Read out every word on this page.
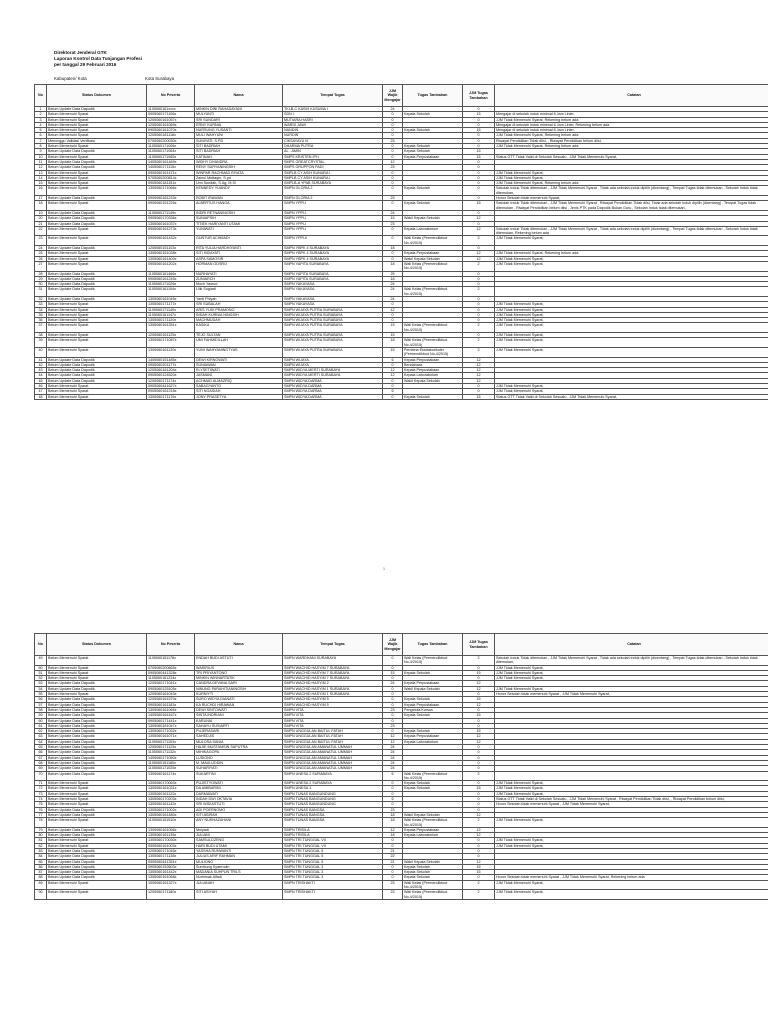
Direktorat Jenderal GTK
Laporan Kontrol Data Tunjangan Profesi
per tanggal 29 Februari 2016
Kabupaten/ Kota	Kota Surabaya
No	Status Dokumen	No Peserta	Nama	Tempat Tugas	JJM Wajib Mengajar	Tugas Tambahan	JJM Tugas Tambahan	Catatan
1	Belum Update Data Dapodik	1105060161xxxx	MINKIN DINI RAHADAYANI	TKLB-C KASIH KUSUMA I	24		0	
2	Belum Memenuhi Syarat	0905060171106x	MULYANTI	SDN I	0	Kepala Sekolah	15	Mengajar di sekolah induk minimal 6 Jam Linier,
3	Belum Memenuhi Syarat	1205060161057x	SRI SUNDARI	MUTIARA HASRI	0		0	JJM Tidak Memenuhi Syarat, Rekening belum ada
4	Belum Memenuhi Syarat	1205060161069x	ERNY KURNIA	WARDI JAWI	0		0	Mengajar di sekolah induk minimal 6 Jam Linier, Rekening belum ada
5	Belum Memenuhi Syarat	0905060161070x	NURSUNG YUSANTI	NANDIN	0	Kepala Sekolah	15	Mengajar di sekolah induk minimal 6 Jam Linier,
6	Belum Memenuhi Syarat	1205060181118x	MULI WAHYUNI	NURDIN	0		0	JJM Tidak Memenuhi Syarat, Rekening belum ada
7	Menunggu Validasi Verifikasi	0705060200030x	SUNIYATI, S.PD	CIKSAYAYU III	23		0	Riwayat Pendidikan Tidak diisi, , Riwayat Pendidikan belum diisi,
8	Belum Memenuhi Syarat	1105060171006x	SITI BADRIAH	DHARMA PUTRA	0	Kepala Sekolah	0	JJM Tidak Memenuhi Syarat, Rekening belum ada
9	Belum Update Data Dapodik	1105060171064x	SITI BADRIAH	AL - AMIN	0	Kepala Sekolah	15	
10	Belum Memenuhi Syarat	1105060171065x	KATINAH	SMPS KRISTEN IPH	0	Kepala Perpustakaan	15	Status GTT Tidak Valid di Sekolah Sesuatu , JJM Tidak Memenuhi Syarat,
11	Belum Update Data Dapodik	1405060161469x	WIDHY DHANDRA	SMPS GREATCRYSTAL	12		0	
12	Belum Update Data Dapodik	1405060171115x	RENY SURYANINGSIH	SMPS GRUPPON PADI	23		0	
13	Belum Memenuhi Syarat	0905060161471x	WINPAR RACHMAD RIYATA	SMPLB CY ASIH KUNARA I	0		0	JJM Tidak Memenuhi Syarat,
14	Belum Memenuhi Syarat	0705060200814x	Zainul Muttaqin, S.pd	SMPLB CY ASIH KUNARA I	0		0	JJM Tidak Memenuhi Syarat,
15	Belum Memenuhi Syarat	0905060181151x	Umi Sundah, S.Ag, M.Si	SMPLB-A YPAB SURABAYA	0		0	JJM Tidak Memenuhi Syarat, Rekening belum ada
16	Belum Memenuhi Syarat	1305060171066x	KENNEDY YUANDY	SMPN GLORIA 2	0	Kepala Sekolah	0	Sekolah Induk Tidak ditemukan , JJM Tidak Memenuhi Syarat , Tidak ada sekolah induk dipilih (dicentang) , Tempat Tugas tidak ditemukan , Sekolah Induk tidak ditemukan,
17	Belum Update Data Dapodik	0905060181233x	ROBIT IRAWAN	SMPN GLORIA 2	23		0	Honor Sekolah tidak memenuhi Syarat,
18	Belum Memenuhi Syarat	0905060151226x	ALBERTUS HANGA	SMPN YPPI-I	0	Kepala Sekolah	15	Sekolah Induk Tidak ditemukan , JJM Tidak Memenuhi Syarat , Riwayat Pendidikan Tidak diisi, Tidak ada sekolah induk dipilih (dicentang) , Tempat Tugas tidak ditemukan , Riwayat Pendidikan belum diisi , Jenis PTK pada Dapodik Bukan Guru , Sekolah Induk tidak ditemukan,
19	Belum Update Data Dapodik	1105060171149x	INDRI RETNANINGSIH	SMPN YPPI-I	24		0	
20	Belum Update Data Dapodik	0905060170336x	SUNIAPSIH	SMPN YPPI-I	15	Wakil Kepala Sekolah	12	
21	Belum Update Data Dapodik	1305060161037x	TITIEK HARIYANTI UTAMI	SMPN YPPI-I	23		0	
22	Belum Memenuhi Syarat	0905060161273x	YUNIWATI	SMPN YPPI-I	0	Kepala Laboratorium	12	Sekolah Induk Tidak ditemukan , JJM Tidak Memenuhi Syarat , Tidak ada sekolah induk dipilih (dicentang) , Tempat Tugas tidak ditemukan , Sekolah Induk tidak ditemukan, Rekening belum ada
23	Belum Memenuhi Syarat	0905060161432x	GUNTUR ACHMADI	SMPN YPPI-II	0	Wali Kelas (Permendikbud No.4/2015)	2	JJM Tidak Memenuhi Syarat,
24	Belum Update Data Dapodik	1205060151103x	RITA YULIA HARDHIYANTI	SMPN YBPK 4 SURABAYA	18		0	
25	Belum Memenuhi Syarat	1305060151038x	SITI HIDAYATI	SMPN YBPK 4 SURABAYA	0	Kepala Perpustakaan	12	JJM Tidak Memenuhi Syarat, Rekening belum ada
26	Belum Memenuhi Syarat	1305060161400x	ASPA SAMOSIR	SMPN YBPK 4 SURABAYA	0	Wakil Kepala Sekolah	12	JJM Tidak Memenuhi Syarat,
27	Belum Memenuhi Syarat	0905060161202x	HORMAN ODSRO	SMPN YAPITA SURABAYA	18	Wali Kelas (Permendikbud No.4/2015)	2	JJM Tidak Memenuhi Syarat,
28	Belum Update Data Dapodik	1105060161466x	NURHAYATI	SMPN YAPITA SURABAYA	25		0	
29	Belum Update Data Dapodik	0905060161245x	ZUNIARCH	SMPN YAPITA SURABAYA	18		0	
30	Belum Update Data Dapodik	1105060171026x	Moch Yasrud	SMPN YAKAYASA	24		0	
31	Belum Update Data Dapodik	1105060161104x	Lilik Sugiarti	SMPN YAKAYASA	24	Wali Kelas (Permendikbud No.4/2015)	2	
32	Belum Update Data Dapodik	1305060161045x	Yanti Phiyah	SMPN YAKAYASA	24		0	
33	Belum Memenuhi Syarat	1305060171177x	SRI SUBALAH	SMPN YAKAYASA	0		0	JJM Tidak Memenuhi Syarat,
34	Belum Memenuhi Syarat	1105060171140x	ARIS YUDI PRAMONO	SMPN WIJAYA PUTRA SURABAYA	12		0	JJM Tidak Memenuhi Syarat,
35	Belum Memenuhi Syarat	1105060161147x	INDAH KURNIA NINGSIH	SMPN WIJAYA PUTRA SURABAYA	0		0	JJM Tidak Memenuhi Syarat,
36	Belum Memenuhi Syarat	1305060171120x	MACHMUDAH	SMPN WIJAYA PUTRA SURABAYA	0		0	JJM Tidak Memenuhi Syarat,
37	Belum Memenuhi Syarat	1305060161351x	KASIKA	SMPN WIJAYA PUTRA SURABAYA	15	Wali Kelas (Permendikbud No.4/2015)	2	JJM Tidak Memenuhi Syarat,
38	Belum Memenuhi Syarat	1205060161125x	TEJO SULTAN	SMPN WIJAYA PUTRA SURABAYA	15		0	JJM Tidak Memenuhi Syarat,
39	Belum Memenuhi Syarat	1305060171087x	UMI FAHMIDILLAH	SMPN WIJAYA PUTRA SURABAYA	18	Wali Kelas (Permendikbud No.4/2015)	2	JJM Tidak Memenuhi Syarat,
40	Belum Memenuhi Syarat	1305060161130x	YUNI WAHYANINGTYAS	SMPN WIJAYA PUTRA SURABAYA	15	Pembina Ekstrakurikuler (Permendikbud No.4/2015)	2	JJM Tidak Memenuhi Syarat,
41	Belum Update Data Dapodik	1405060151485x	DEWI KIRNOWATI	SMPN WIJAYA	6	Kepala Perpustakaan	12	
42	Belum Update Data Dapodik	0905060201177x	SUNIAWAN	SMPN WIJAYA	0	Bendahara	12	
43	Belum Update Data Dapodik	1205060161204x	ELYSETIWATI	SMPN WIDYA MERTI SURABAYA	12	Kepala Perpustakaan	12	
44	Belum Update Data Dapodik	0905060124520x	JASMANI	SMPN WIDYA MERTI SURABAYA	12	Kepala Laboratorium	12	
45	Belum Update Data Dapodik	1205060171174x	ACHMAD ALMAZRIQ	SMPN WIDYA DARMA	0	Wakil Kepala Sekolah	12	
46	Belum Memenuhi Syarat	0905060441627x	SABAGYANTO	SMPN WIDYA DARMA	0		0	JJM Tidak Memenuhi Syarat,
47	Belum Memenuhi Syarat	0905060161218x	SITI NGASIAH	SMPN WIDYA DARMA	6		0	JJM Tidak Memenuhi Syarat,
48	Belum Memenuhi Syarat	1305060171176x	JONY PRASETYA	SMPN WIDYA DARMA	0	Kepala Sekolah	15	Status GTT Tidak Valid di Sekolah Sesuatu , JJM Tidak Memenuhi Syarat,
1
No	Status Dokumen	No Peserta	Nama	Tempat Tugas	JJM Wajib Mengajar	Tugas Tambahan	JJM Tugas Tambahan	Catatan
49	Belum Memenuhi Syarat	1105060151178x	ENDAH BUDI ASTUTI	SMPN WARDHANI SURABAYA	0	Wali Kelas (Permendikbud No.4/2015)	2	Sekolah Induk Tidak ditemukan , JJM Tidak Memenuhi Syarat , Tidak ada sekolah induk dipilih (dicentang) , Tempat Tugas tidak ditemukan , Sekolah Induk tidak ditemukan,
50	Belum Memenuhi Syarat	0705060200665x	WASIRIUS	SMPN WACHID HASYIM 7 SURABAYA	0		0	JJM Tidak Memenuhi Syarat,
51	Belum Memenuhi Syarat	0905060441328x	TRI PRIYANTONO	SMPN WACHID HASYIM 7 SURABAYA	15	Kepala Sekolah	15	JJM Tidak Memenuhi Syarat,
52	Belum Memenuhi Syarat	1105060161234x	MINKIN WINNARTATIK	SMPN WACHID HASYIM 7 SURABAYA	0		0	JJM Tidak Memenuhi Syarat,
53	Belum Update Data Dapodik	1205060171041x	CANDRA DEVANA SARI	SMPN WACHID HASYIM 2	24	Kepala Perpustakaan	12	
54	Belum Update Data Dapodik	0905060125105x	NINUNG PARAHITIANINGSIH	SMPN WACHID HASYIM 1 SURABAYA	0	Wakil Kepala Sekolah	12	JJM Tidak Memenuhi Syarat,
55	Belum Memenuhi Syarat	1205060161043x	KURNIYTI	SMPN WACHID HASYIM 1 SURABAYA	0		0	Honor Sekolah tidak memenuhi Syarat , JJM Tidak Memenuhi Syarat,
56	Belum Update Data Dapodik	1205060161570x	SURO WIDYA DIANATI	SMPN WACHID HASYIM 5	0	Kepala Sekolah	15	
57	Belum Update Data Dapodik	0905060161183x	KA RUCHDI HIRAWAN	SMPN WACHID HASYIM 5	0	Kepala Perpustakaan	12	
58	Belum Update Data Dapodik	1305060161065x	DEWI SINTOWATI	SMPN VITA	23	Pengelola Kursus	0	
59	Belum Update Data Dapodik	1405060164167x	SINTA INDRIANI	SMPN VITA	0	Kepala Sekolah	15	
60	Belum Update Data Dapodik	0905060171441x	KARUNIA	SMPN VITA	0		0	
61	Belum Update Data Dapodik	1305060161047x	SAHAYU SUSIARTI	SMPN VITA	23		0	
62	Belum Update Data Dapodik	1305060171032x	PUJERASARI	SMPN UNGGULAN BAITUL FATAH	0	Kepala Sekolah	15	
63	Belum Update Data Dapodik	1305060161071x	SAHEDJIS	SMPN UNGGULAN BAITUL FATAH	12	Kepala Perpustakaan	12	
64	Belum Update Data Dapodik	1105060171103x	MULOSA SANIA	SMPN UNGGULAN BAITUL FATAH	12	Kepala Laboratorium	12	
65	Belum Update Data Dapodik	1205060171125x	HAJIE MUSTAMSIN SAPUTRA	SMPN UNGGULAN AMANATUL UMMAH	24		0	
66	Belum Update Data Dapodik	1105060171132x	MIHIKAGOPA	SMPN UNGGULAN AMANATUL UMMAH	24		0	
67	Belum Update Data Dapodik	1405060171050x	LUSIONO	SMPN UNGGULAN AMANATUL UMMAH	24		0	
68	Belum Update Data Dapodik	1105060151160x	M. MAULUDDIN	SMPN UNGGULAN AMANATUL UMMAH	24		0	
69	Belum Update Data Dapodik	1105060171025x	SUHARIYATI	SMPN UNGGULAN AMANATUL UMMAH	24		0	
70	Belum Update Data Dapodik	1305060161174x	SUKARTINI	SMPN UNESA 2 SURABAYA	6	Wali Kelas (Permendikbud No.4/2015)	2	
71	Belum Memenuhi Syarat	1305060170063x	PUJISTYOWATI	SMPN UNESA 2 SURABAYA	0	Kepala Sekolah	0	JJM Tidak Memenuhi Syarat,
72	Belum Memenuhi Syarat	1305060161031x	DA AMIBARINI	SMPN UNESA 1	0	Kepala Sekolah	15	JJM Tidak Memenuhi Syarat,
73	Belum Memenuhi Syarat	1305060161122x	DARMAWATI	SMPN TUNAS BANGUNDUNG	0		0	JJM Tidak Memenuhi Syarat,
74	Belum Memenuhi Syarat	1305060170203x	INDAH DWI OKTAVIA	SMPN TUNAS BANGUNDUNG	6		0	Status GTT Tidak Valid di Sekolah Sesuatu , JJM Tidak Memenuhi Syarat , Riwayat Pendidikan Tidak diisi, , Riwayat Pendidikan belum diisi,
75	Belum Memenuhi Syarat	1305060161142x	SRI WIDIASTUTI	SMPN TUNAS BANGUNDUNG	0		0	Honor Sekolah tidak memenuhi Syarat , JJM Tidak Memenuhi Syarat,
76	Belum Update Data Dapodik	1305060171002x	ADI POERNOMO	SMPN TUNAS BANGSA	23		0	
77	Belum Update Data Dapodik	1305060161480x	SITI ASIRAH	SMPN TUNAS BANGSA	18	Wakil Kepala Sekolah	12	
78	Belum Memenuhi Syarat	1105060151510x	ANY NURHAZAHANI	SMPN TUNAS BANGSA	18	Wali Kelas (Permendikbud No.4/2015)	2	JJM Tidak Memenuhi Syarat,
79	Belum Update Data Dapodik	1305060161056x	Mulyadi	SMPN TRISILA	12	Kepala Perpustakaan	12	
80	Belum Update Data Dapodik	1305060161135x	JULIANI	SMPN TRISILA	18	Kepala Laboratorium	12	
81	Belum Memenuhi Syarat	1305060170030x	SAMSULDZENG	SMPN TRI TUNGGAL VII	0		0	JJM Tidak Memenuhi Syarat,
82	Belum Memenuhi Syarat	0905060161003x	HARI BUDI UTAMI	SMPN TRI TUNGGAL VII	0		0	JJM Tidak Memenuhi Syarat,
83	Belum Update Data Dapodik	1205060171045x	YASSHA RUNWANTI	SMPN TRI TUNGGAL 5	21		0	
84	Belum Update Data Dapodik	1305060171138x	JULIUS ARIF RAHMAN	SMPN TRI TUNGGAL 5	22		0	
85	Belum Update Data Dapodik	0905060441351x	MULIONO	SMPN TRI TUNGGAL 5	21	Wakil Kepala Sekolah	12	
86	Belum Update Data Dapodik	0905060152603x	Sumbung Syaerodin	SMPN TRI TUNGGAL 3	0	Kepala Sekolah	15	
87	Belum Update Data Dapodik	1305060161442x	MADANIA SUHPUN TRILS	SMPN TRI TUNGGAL 3	0	Kepala Sekolah	15	
88	Belum Update Data Dapodik	1305060161068x	Nurhimak Alfadi	SMPN TRI TUNGGAL 3	0	Kepala Sekolah	0	Honor Sekolah tidak memenuhi Syarat , JJM Tidak Memenuhi Syarat, Rekening belum ada
89	Belum Memenuhi Syarat	1005060161327x	JULIANAH	SMPN TRISHAKTI	23	Wali Kelas (Permendikbud No.4/2015)	2	JJM Tidak Memenuhi Syarat,
90	Belum Memenuhi Syarat	1205060171180x	SITI ASIYAH	SMPN TRISHAKTI	23	Wali Kelas (Permendikbud No.4/2015)	2	JJM Tidak Memenuhi Syarat,
